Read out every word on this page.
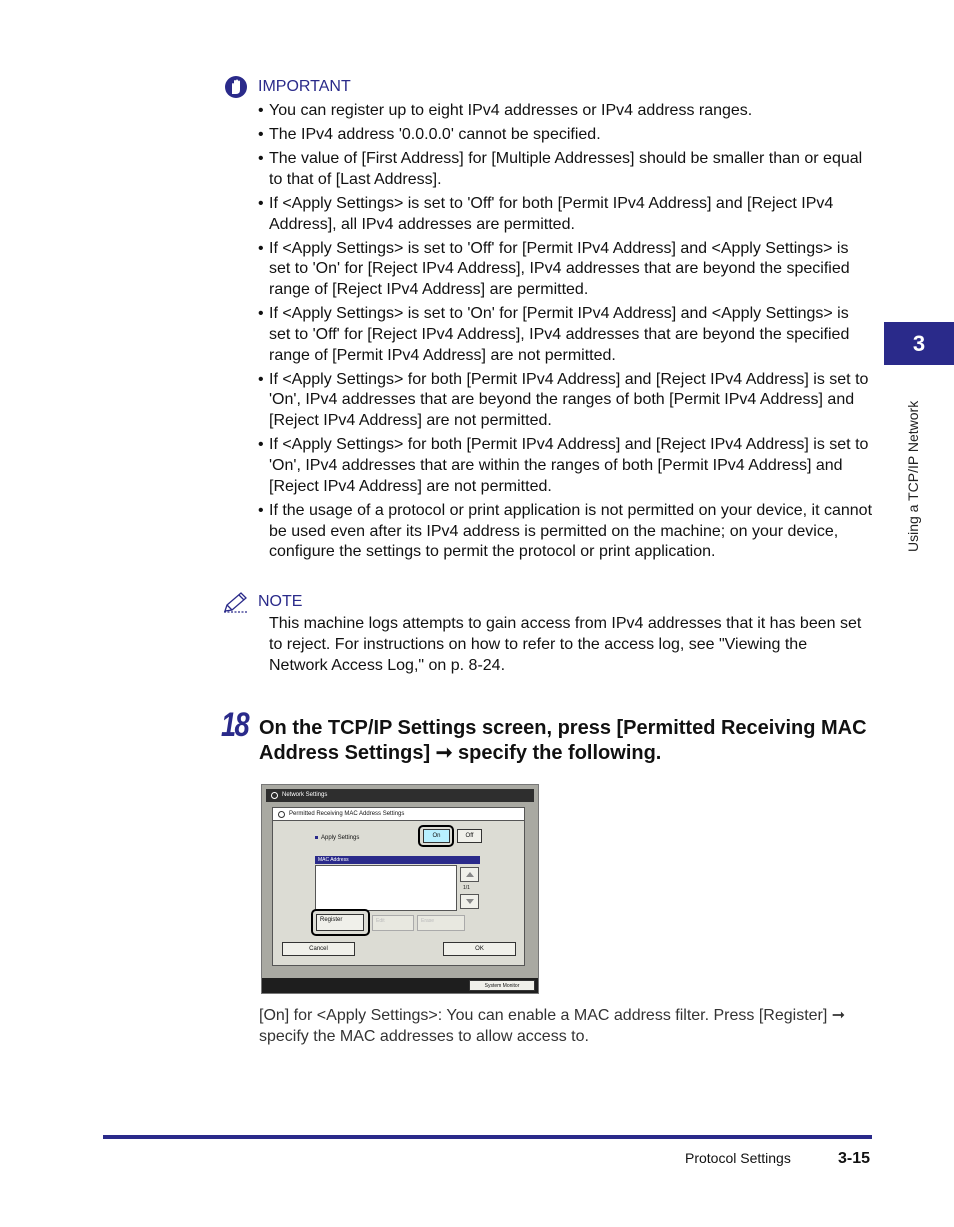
IMPORTANT
• You can register up to eight IPv4 addresses or IPv4 address ranges.
• The IPv4 address '0.0.0.0' cannot be specified.
• The value of [First Address] for [Multiple Addresses] should be smaller than or equal to that of [Last Address].
• If <Apply Settings> is set to 'Off' for both [Permit IPv4 Address] and [Reject IPv4 Address], all IPv4 addresses are permitted.
• If <Apply Settings> is set to 'Off' for [Permit IPv4 Address] and <Apply Settings> is set to 'On' for [Reject IPv4 Address], IPv4 addresses that are beyond the specified range of [Reject IPv4 Address] are permitted.
• If <Apply Settings> is set to 'On' for [Permit IPv4 Address] and <Apply Settings> is set to 'Off' for [Reject IPv4 Address], IPv4 addresses that are beyond the specified range of [Permit IPv4 Address] are not permitted.
• If <Apply Settings> for both [Permit IPv4 Address] and [Reject IPv4 Address] is set to 'On', IPv4 addresses that are beyond the ranges of both [Permit IPv4 Address] and [Reject IPv4 Address] are not permitted.
• If <Apply Settings> for both [Permit IPv4 Address] and [Reject IPv4 Address] is set to 'On', IPv4 addresses that are within the ranges of both [Permit IPv4 Address] and [Reject IPv4 Address] are not permitted.
• If the usage of a protocol or print application is not permitted on your device, it cannot be used even after its IPv4 address is permitted on the machine; on your device, configure the settings to permit the protocol or print application.
NOTE

This machine logs attempts to gain access from IPv4 addresses that it has been set to reject. For instructions on how to refer to the access log, see "Viewing the Network Access Log," on p. 8-24.

18 On the TCP/IP Settings screen, press [Permitted Receiving MAC Address Settings] ➞ specify the following.

Network Settings
Permitted Receiving MAC Address Settings
Apply Settings	On	Off
MAC Address
1/1
Register	Edit	Erase
Cancel	OK
System Monitor

[On] for <Apply Settings>: You can enable a MAC address filter. Press [Register] ➞ specify the MAC addresses to allow access to.

3
Using a TCP/IP Network
Protocol Settings	3-15
